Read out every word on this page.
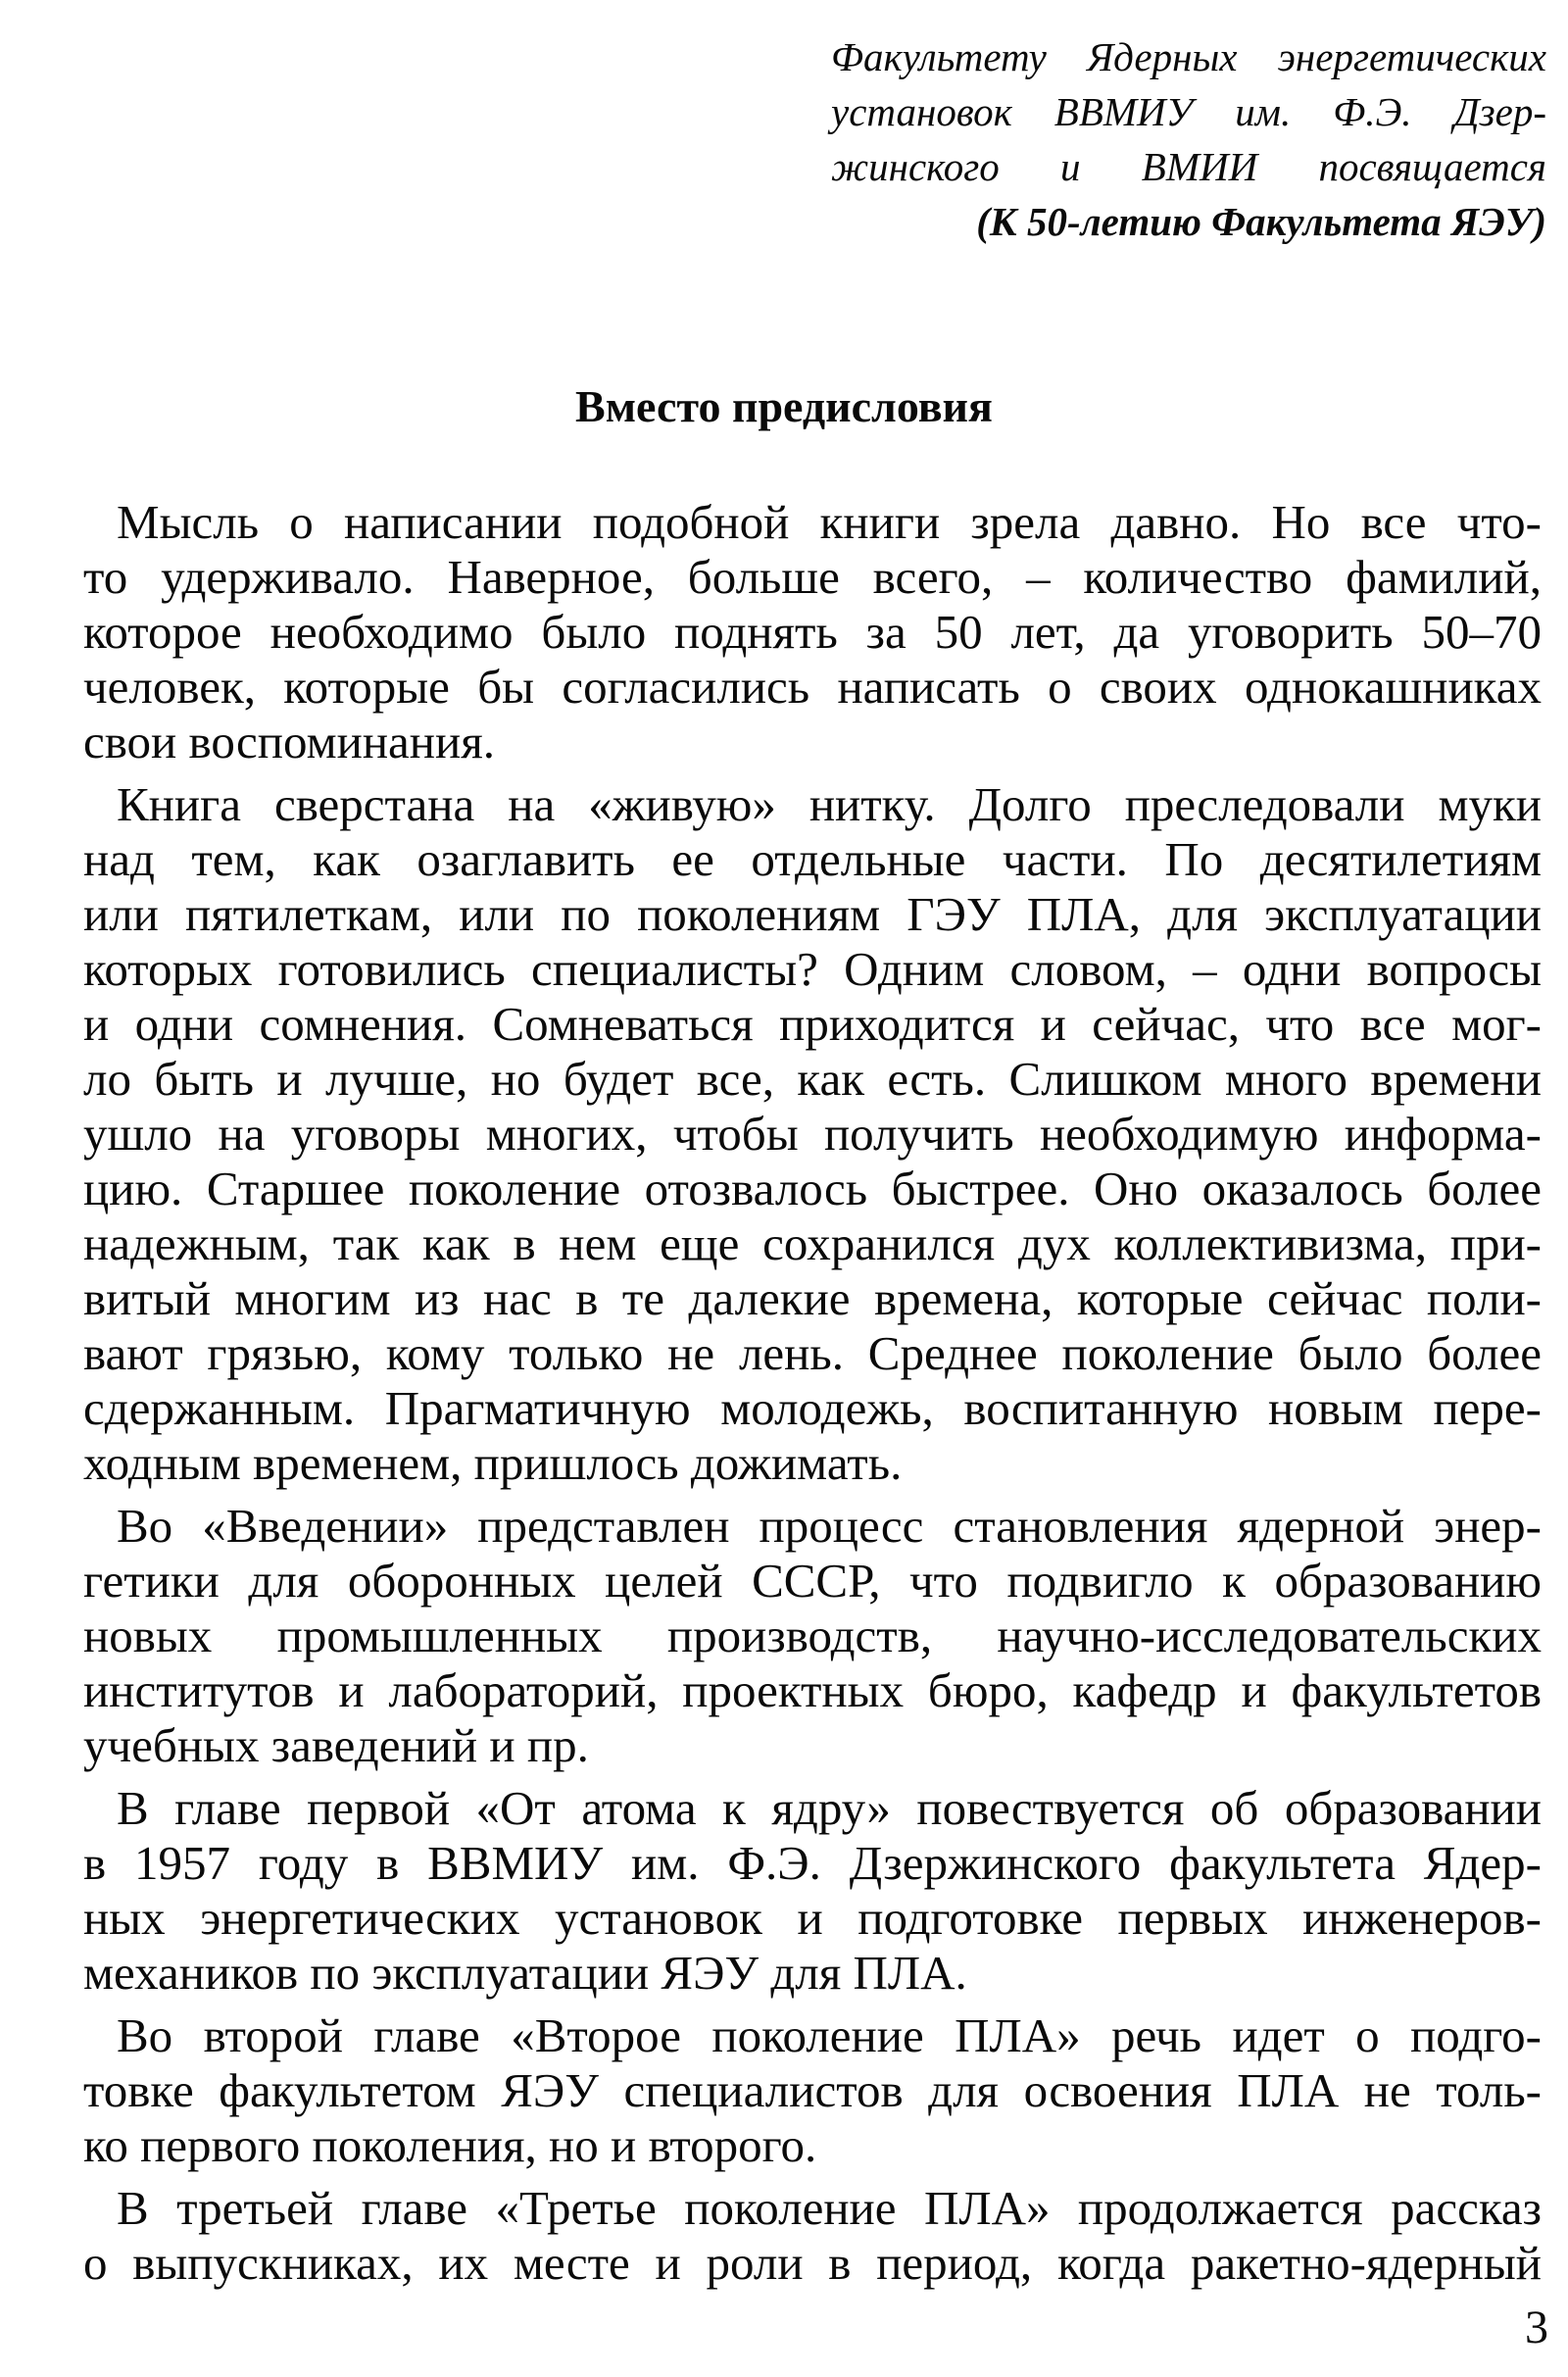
Факультету Ядерных энергетических
установок ВВМИУ им. Ф.Э. Дзер-
жинского и ВМИИ посвящается
(К 50-летию Факультета ЯЭУ)
Вместо предисловия
Мысль о написании подобной книги зрела давно. Но все что-
то удерживало. Наверное, больше всего, – количество фамилий,
которое необходимо было поднять за 50 лет, да уговорить 50–70
человек, которые бы согласились написать о своих однокашниках
свои воспоминания.
Книга сверстана на «живую» нитку. Долго преследовали муки
над тем, как озаглавить ее отдельные части. По десятилетиям
или пятилеткам, или по поколениям ГЭУ ПЛА, для эксплуатации
которых готовились специалисты? Одним словом, – одни вопросы
и одни сомнения. Сомневаться приходится и сейчас, что все мог-
ло быть и лучше, но будет все, как есть. Слишком много времени
ушло на уговоры многих, чтобы получить необходимую информа-
цию. Старшее поколение отозвалось быстрее. Оно оказалось более
надежным, так как в нем еще сохранился дух коллективизма, при-
витый многим из нас в те далекие времена, которые сейчас поли-
вают грязью, кому только не лень. Среднее поколение было более
сдержанным. Прагматичную молодежь, воспитанную новым пере-
ходным временем, пришлось дожимать.
Во «Введении» представлен процесс становления ядерной энер-
гетики для оборонных целей СССР, что подвигло к образованию
новых промышленных производств, научно-исследовательских
институтов и лабораторий, проектных бюро, кафедр и факультетов
учебных заведений и пр.
В главе первой «От атома к ядру» повествуется об образовании
в 1957 году в ВВМИУ им. Ф.Э. Дзержинского факультета Ядер-
ных энергетических установок и подготовке первых инженеров-
механиков по эксплуатации ЯЭУ для ПЛА.
Во второй главе «Второе поколение ПЛА» речь идет о подго-
товке факультетом ЯЭУ специалистов для освоения ПЛА не толь-
ко первого поколения, но и второго.
В третьей главе «Третье поколение ПЛА» продолжается рассказ
о выпускниках, их месте и роли в период, когда ракетно-ядерный
3
